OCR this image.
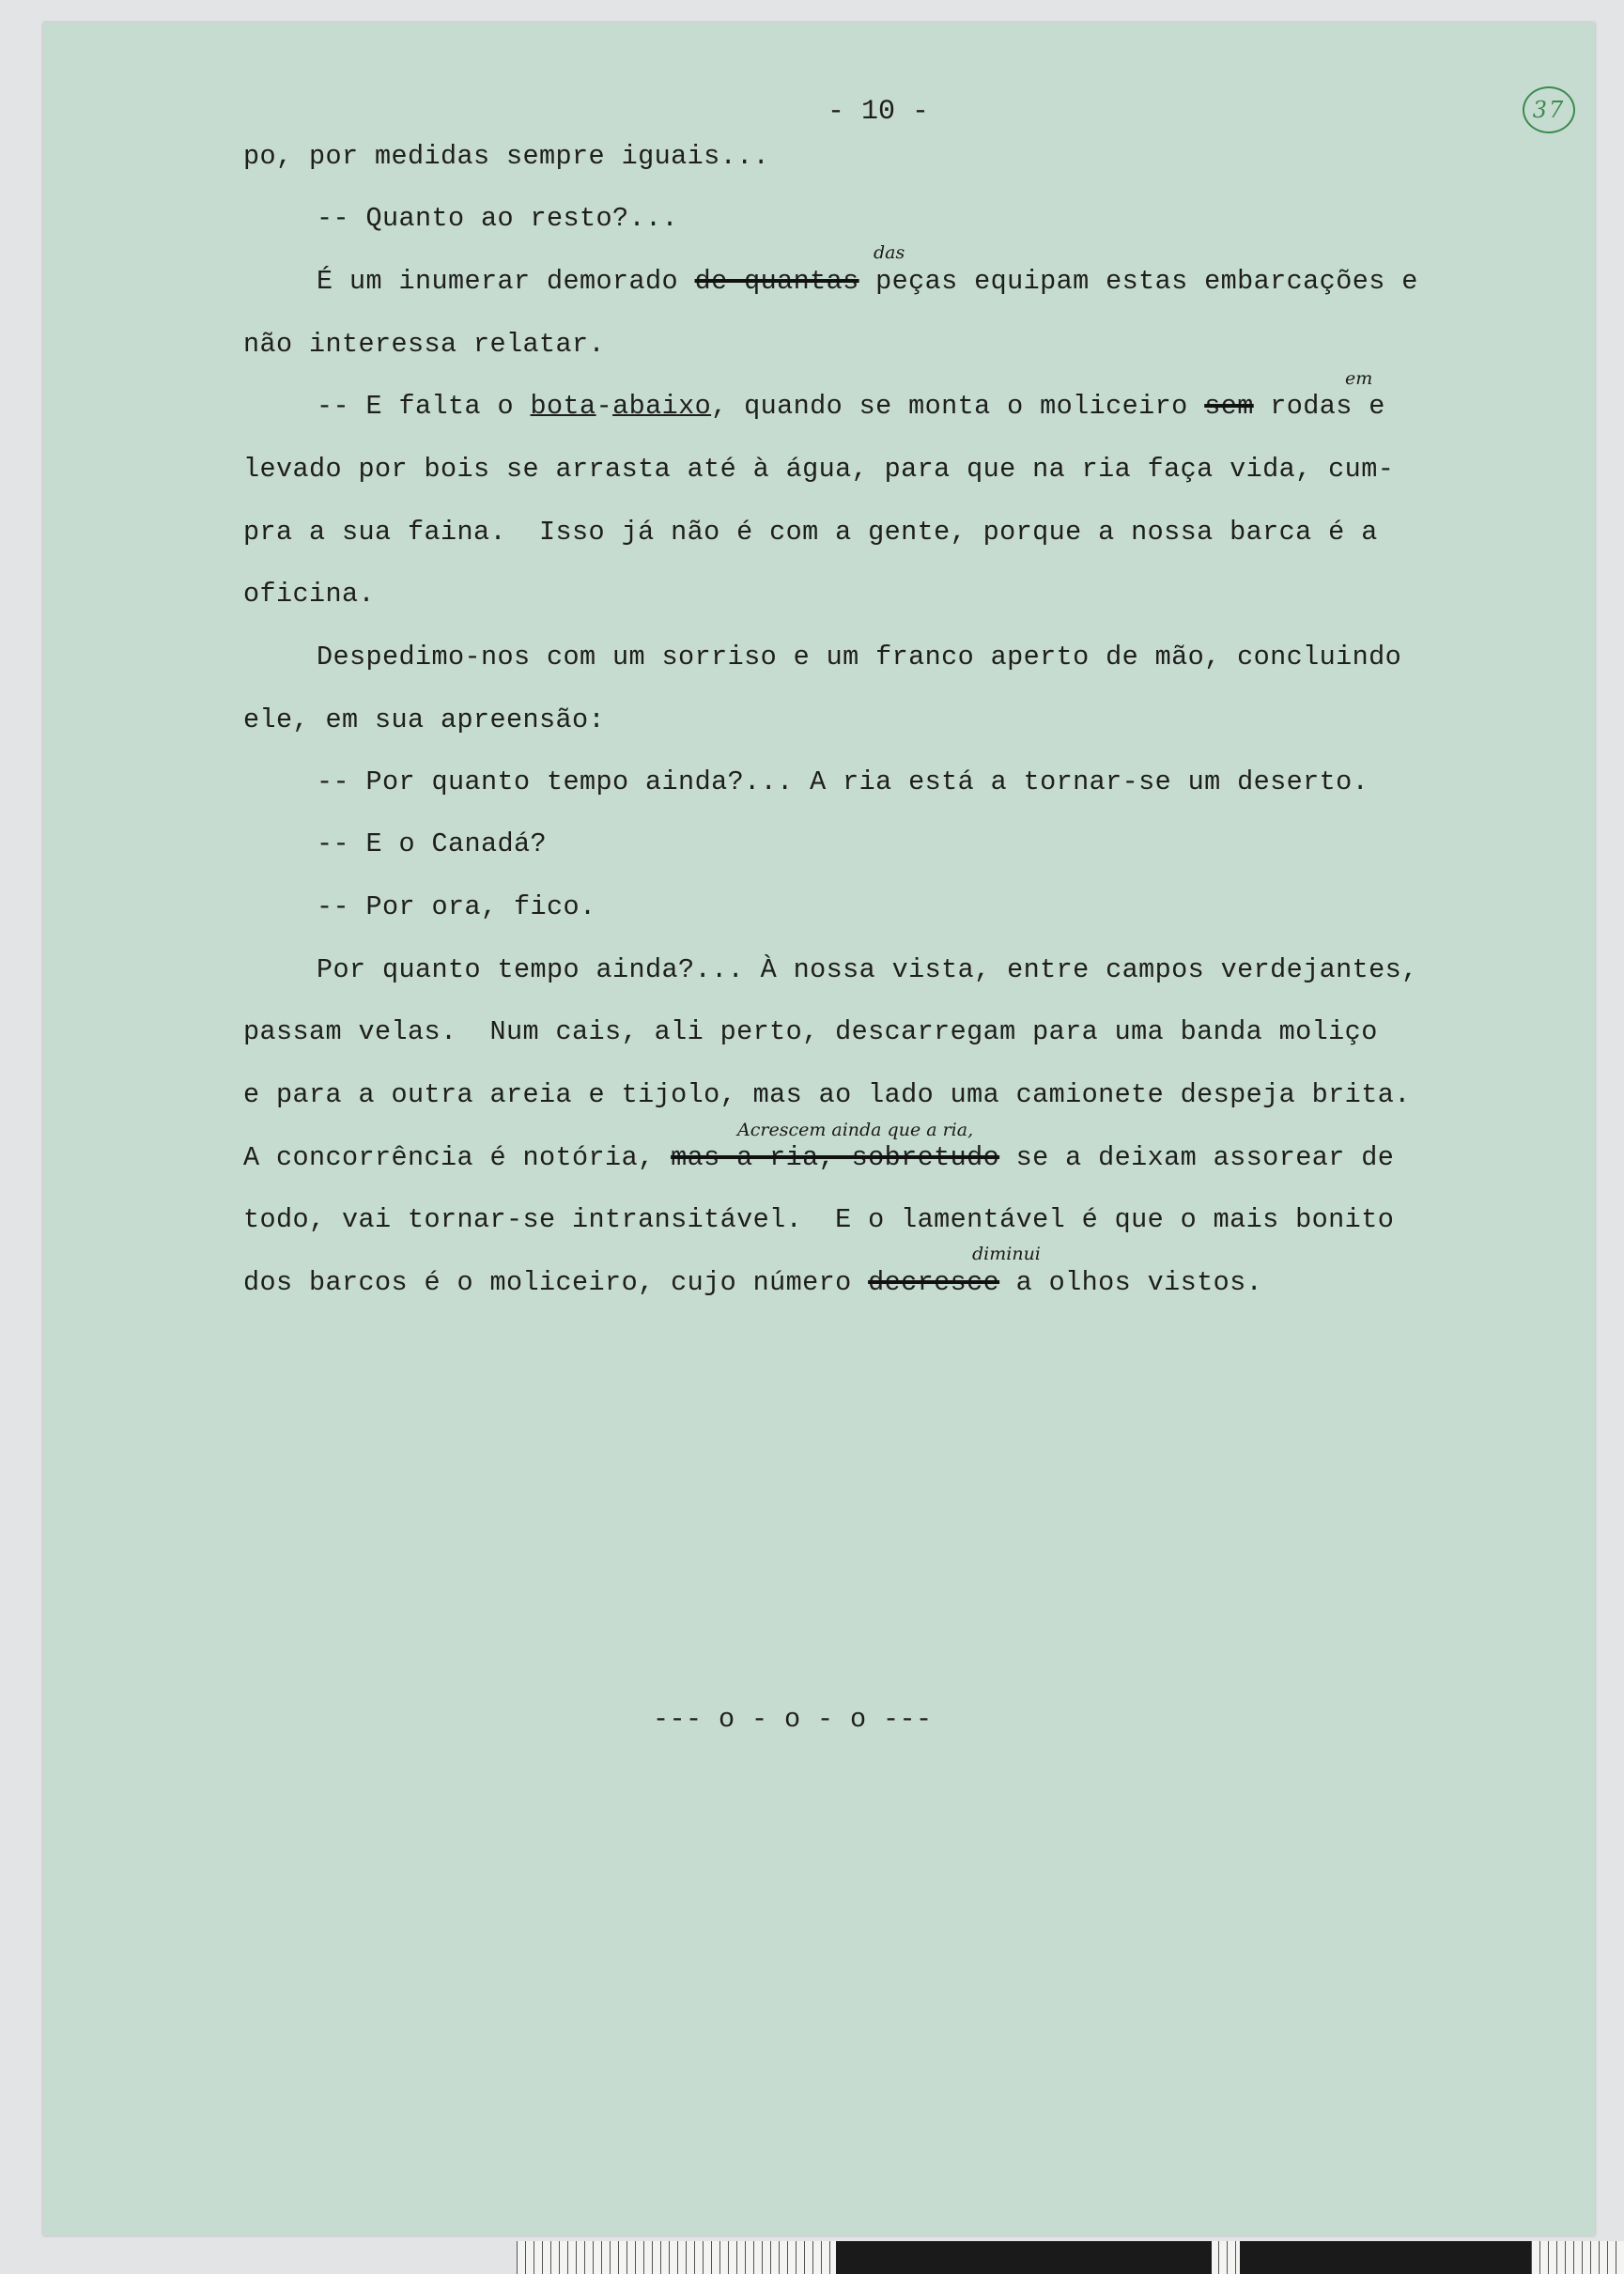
37
- 10 -
po, por medidas sempre iguais...
-- Quanto ao resto?...
É um inumerar demorado de quantas peças equipam estas embarcações e
das
não interessa relatar.
-- E falta o bota-abaixo, quando se monta o moliceiro sem rodas e
em
levado por bois se arrasta até à água, para que na ria faça vida, cum-
pra a sua faina.  Isso já não é com a gente, porque a nossa barca é a
oficina.
Despedimo-nos com um sorriso e um franco aperto de mão, concluindo
ele, em sua apreensão:
-- Por quanto tempo ainda?... A ria está a tornar-se um deserto.
-- E o Canadá?
-- Por ora, fico.
Por quanto tempo ainda?... À nossa vista, entre campos verdejantes,
passam velas.  Num cais, ali perto, descarregam para uma banda moliço
e para a outra areia e tijolo, mas ao lado uma camionete despeja brita.
A concorrência é notória, mas a ria, sobretudo se a deixam assorear de
Acrescem ainda que a ria,
todo, vai tornar-se intransitável.  E o lamentável é que o mais bonito
dos barcos é o moliceiro, cujo número decresce a olhos vistos.
diminui
--- o - o - o ---
